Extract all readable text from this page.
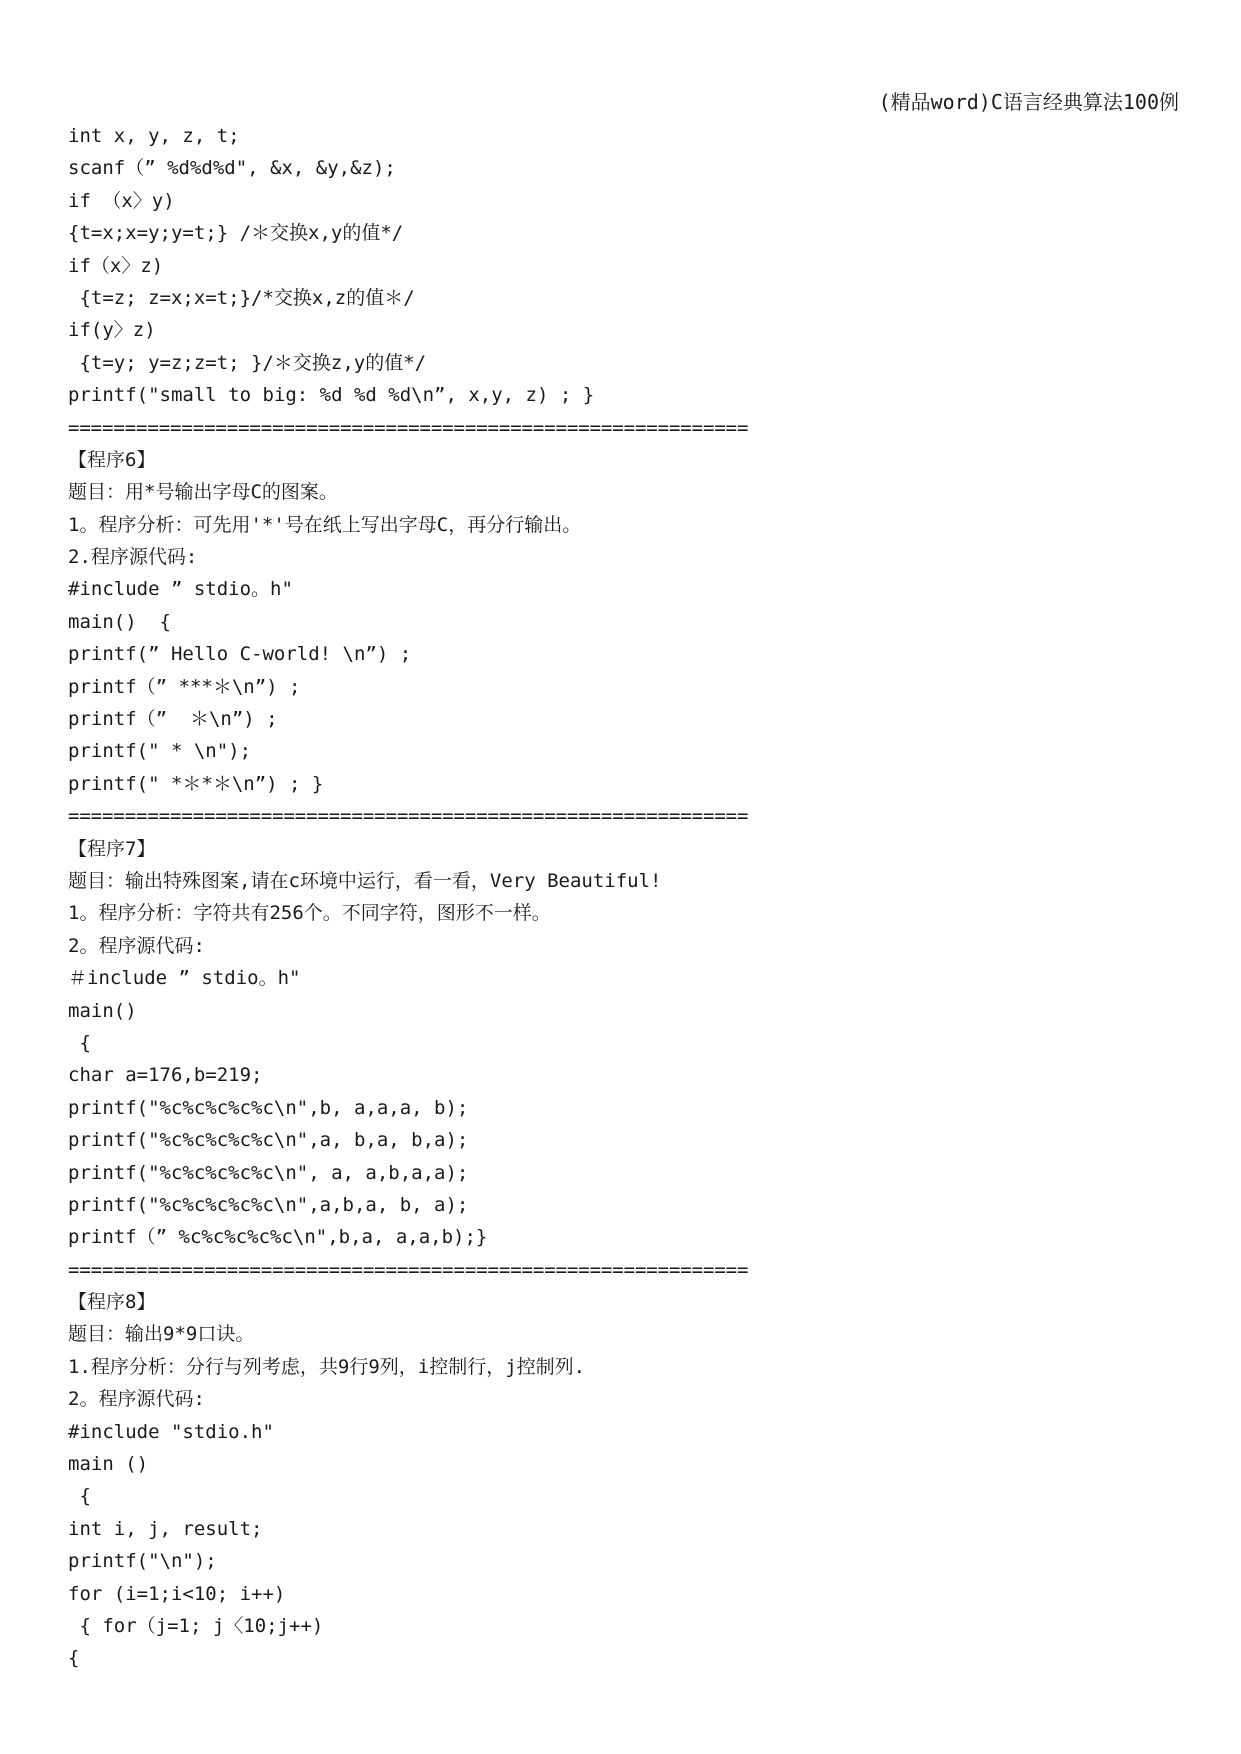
(精品word)C语言经典算法100例
int x, y, z, t;
scanf（” %d%d%d", &x, &y,&z);
if （x〉y)
{t=x;x=y;y=t;} /＊交换x,y的值*/
if（x〉z)
{t=z; z=x;x=t;}/*交换x,z的值＊/
if(y〉z)
{t=y; y=z;z=t; }/＊交换z,y的值*/
printf("small to big: %d %d %d\n”, x,y, z) ; }
============================================================
【程序6】
题目：用*号输出字母C的图案。
1。程序分析：可先用'*'号在纸上写出字母C，再分行输出。
2.程序源代码:
#include ” stdio。h"
main()  {
printf(” Hello C-world! \n”) ;
printf（” ***＊\n”) ;
printf（”  ＊\n”) ;
printf(" * \n");
printf(" *＊*＊\n”) ; }
============================================================
【程序7】
题目：输出特殊图案,请在c环境中运行，看一看，Very Beautiful!
1。程序分析：字符共有256个。不同字符，图形不一样。
2。程序源代码:
＃include ” stdio。h"
main()
{
char a=176,b=219;
printf("%c%c%c%c%c\n",b, a,a,a, b);
printf("%c%c%c%c%c\n",a, b,a, b,a);
printf("%c%c%c%c%c\n", a, a,b,a,a);
printf("%c%c%c%c%c\n",a,b,a, b, a);
printf（” %c%c%c%c%c\n",b,a, a,a,b);}
============================================================
【程序8】
题目：输出9*9口诀。
1.程序分析：分行与列考虑，共9行9列，i控制行，j控制列.
2。程序源代码:
#include "stdio.h"
main ()
{
int i, j, result;
printf("\n");
for (i=1;i<10; i++)
{ for（j=1; j〈10;j++)
{
